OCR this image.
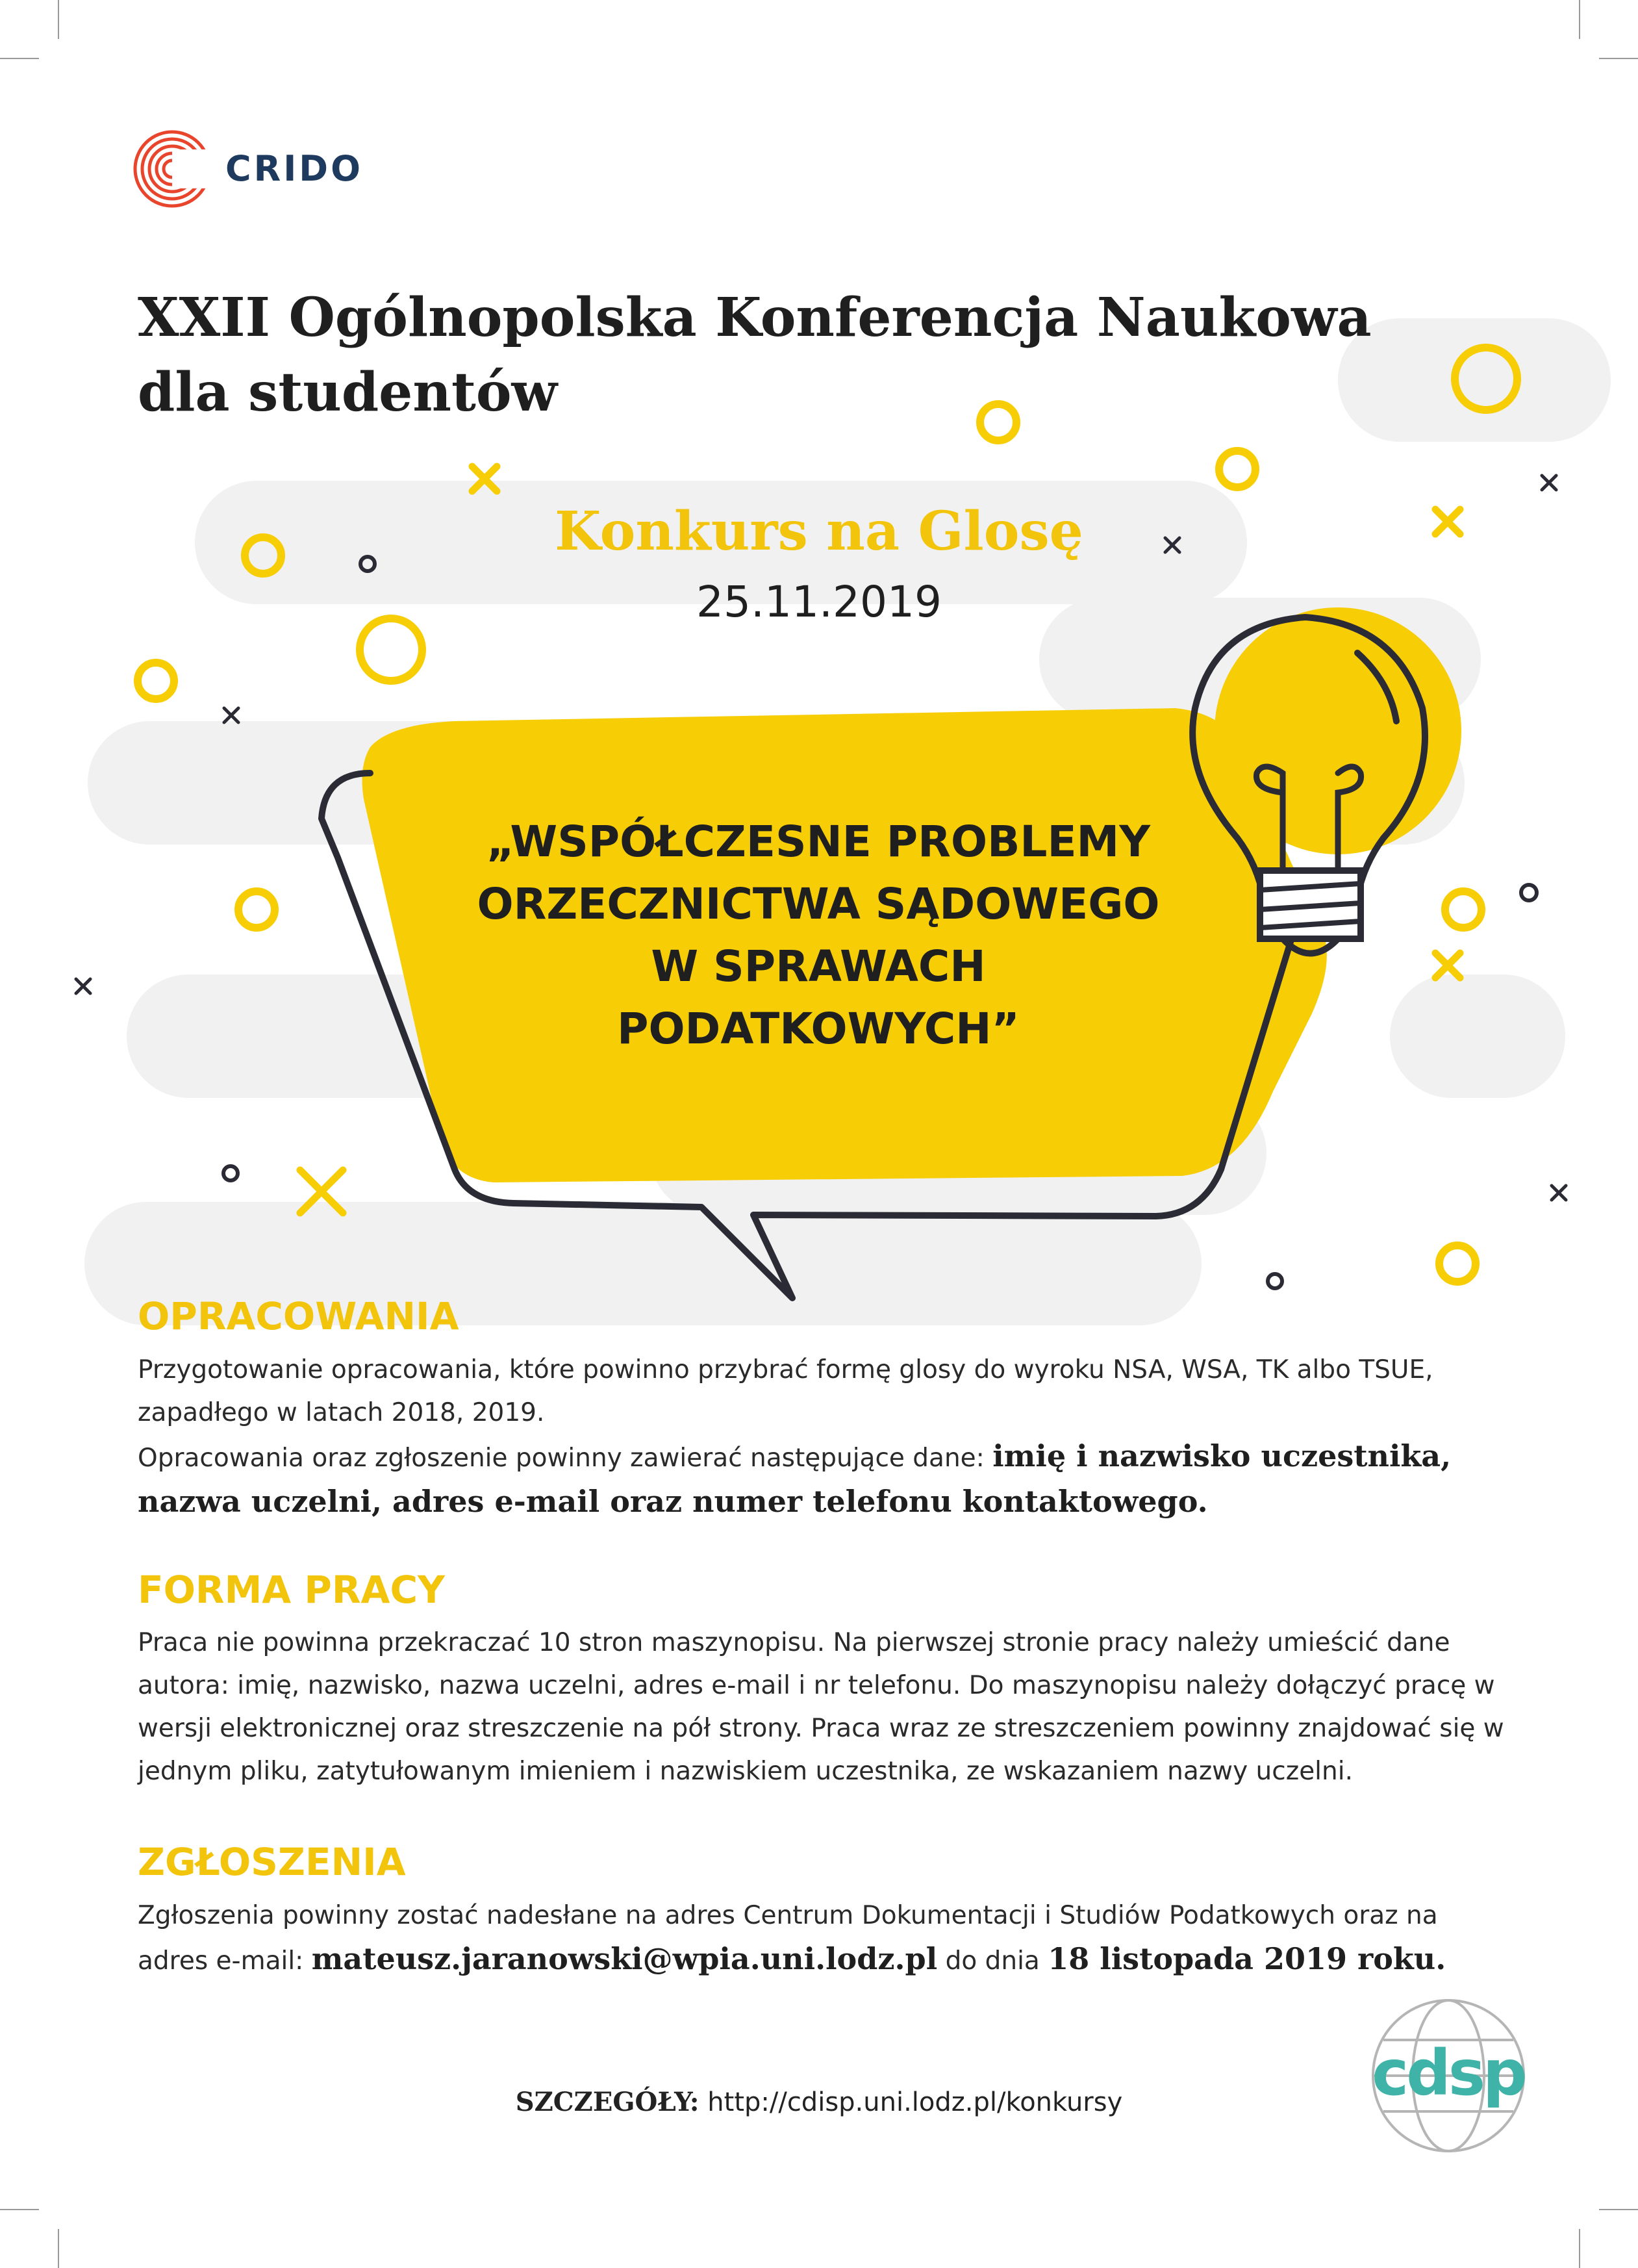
CRIDO
XXII Ogólnopolska Konferencja Naukowa
dla studentów
Konkurs na Glosę
25.11.2019
„WSPÓŁCZESNE PROBLEMY
ORZECZNICTWA SĄDOWEGO
W SPRAWACH
PODATKOWYCH”
OPRACOWANIA
Przygotowanie opracowania, które powinno przybrać formę glosy do wyroku NSA, WSA, TK albo TSUE, zapadłego w latach 2018, 2019.
Opracowania oraz zgłoszenie powinny zawierać następujące dane: imię i nazwisko uczestnika, nazwa uczelni, adres e-mail oraz numer telefonu kontaktowego.
FORMA PRACY
Praca nie powinna przekraczać 10 stron maszynopisu. Na pierwszej stronie pracy należy umieścić dane autora: imię, nazwisko, nazwa uczelni, adres e-mail i nr telefonu. Do maszynopisu należy dołączyć pracę w wersji elektronicznej oraz streszczenie na pół strony. Praca wraz ze streszczeniem powinny znajdować się w jednym pliku, zatytułowanym imieniem i nazwiskiem uczestnika, ze wskazaniem nazwy uczelni.
ZGŁOSZENIA
Zgłoszenia powinny zostać nadesłane na adres Centrum Dokumentacji i Studiów Podatkowych oraz na adres e-mail: mateusz.jaranowski@wpia.uni.lodz.pl do dnia 18 listopada 2019 roku.
SZCZEGÓŁY: http://cdisp.uni.lodz.pl/konkursy	cdsp
